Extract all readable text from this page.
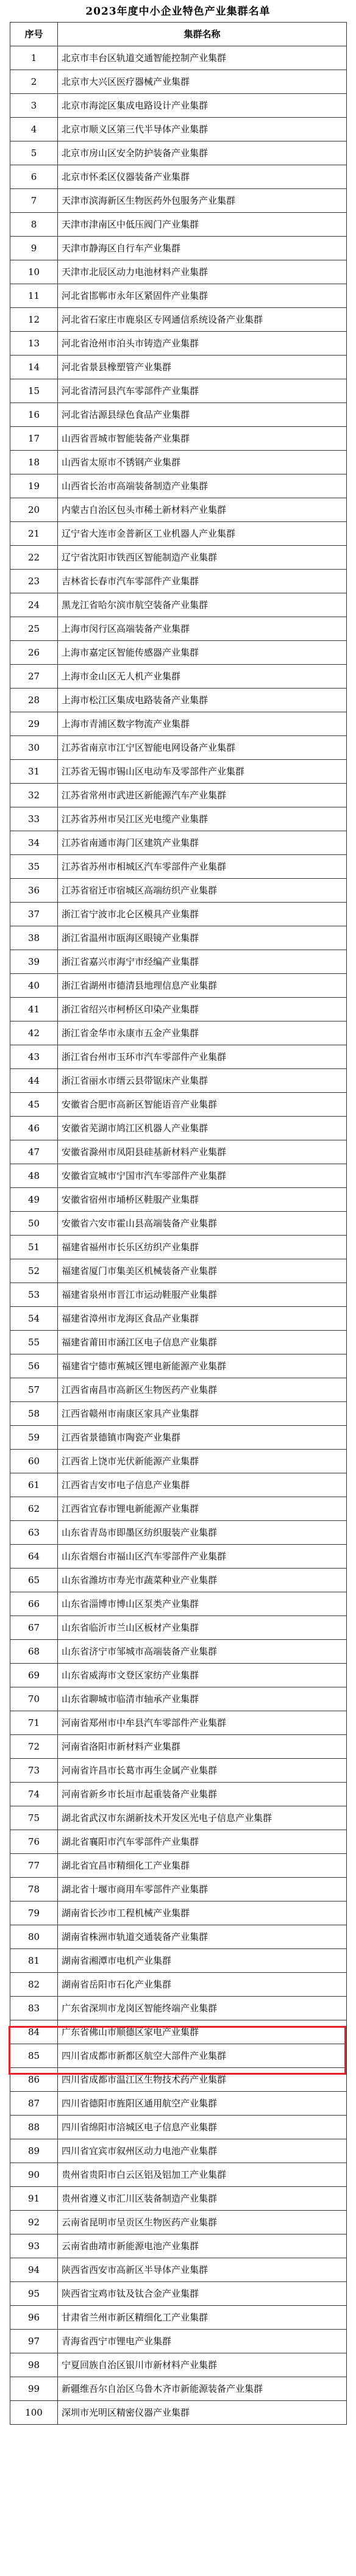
2023年度中小企业特色产业集群名单
序号	集群名称
1	北京市丰台区轨道交通智能控制产业集群
2	北京市大兴区医疗器械产业集群
3	北京市海淀区集成电路设计产业集群
4	北京市顺义区第三代半导体产业集群
5	北京市房山区安全防护装备产业集群
6	北京市怀柔区仪器装备产业集群
7	天津市滨海新区生物医药外包服务产业集群
8	天津市津南区中低压阀门产业集群
9	天津市静海区自行车产业集群
10	天津市北辰区动力电池材料产业集群
11	河北省邯郸市永年区紧固件产业集群
12	河北省石家庄市鹿泉区专网通信系统设备产业集群
13	河北省沧州市泊头市铸造产业集群
14	河北省景县橡塑管产业集群
15	河北省清河县汽车零部件产业集群
16	河北省沽源县绿色食品产业集群
17	山西省晋城市智能装备产业集群
18	山西省太原市不锈钢产业集群
19	山西省长治市高端装备制造产业集群
20	内蒙古自治区包头市稀土新材料产业集群
21	辽宁省大连市金普新区工业机器人产业集群
22	辽宁省沈阳市铁西区智能制造产业集群
23	吉林省长春市汽车零部件产业集群
24	黑龙江省哈尔滨市航空装备产业集群
25	上海市闵行区高端装备产业集群
26	上海市嘉定区智能传感器产业集群
27	上海市金山区无人机产业集群
28	上海市松江区集成电路装备产业集群
29	上海市青浦区数字物流产业集群
30	江苏省南京市江宁区智能电网设备产业集群
31	江苏省无锡市锡山区电动车及零部件产业集群
32	江苏省常州市武进区新能源汽车产业集群
33	江苏省苏州市吴江区光电缆产业集群
34	江苏省南通市海门区建筑产业集群
35	江苏省苏州市相城区汽车零部件产业集群
36	江苏省宿迁市宿城区高端纺织产业集群
37	浙江省宁波市北仑区模具产业集群
38	浙江省温州市瓯海区眼镜产业集群
39	浙江省嘉兴市海宁市经编产业集群
40	浙江省湖州市德清县地理信息产业集群
41	浙江省绍兴市柯桥区印染产业集群
42	浙江省金华市永康市五金产业集群
43	浙江省台州市玉环市汽车零部件产业集群
44	浙江省丽水市缙云县带锯床产业集群
45	安徽省合肥市高新区智能语音产业集群
46	安徽省芜湖市鸠江区机器人产业集群
47	安徽省滁州市凤阳县硅基新材料产业集群
48	安徽省宣城市宁国市汽车零部件产业集群
49	安徽省宿州市埇桥区鞋服产业集群
50	安徽省六安市霍山县高端装备产业集群
51	福建省福州市长乐区纺织产业集群
52	福建省厦门市集美区机械装备产业集群
53	福建省泉州市晋江市运动鞋服产业集群
54	福建省漳州市龙海区食品产业集群
55	福建省莆田市涵江区电子信息产业集群
56	福建省宁德市蕉城区锂电新能源产业集群
57	江西省南昌市高新区生物医药产业集群
58	江西省赣州市南康区家具产业集群
59	江西省景德镇市陶瓷产业集群
60	江西省上饶市光伏新能源产业集群
61	江西省吉安市电子信息产业集群
62	江西省宜春市锂电新能源产业集群
63	山东省青岛市即墨区纺织服装产业集群
64	山东省烟台市福山区汽车零部件产业集群
65	山东省潍坊市寿光市蔬菜种业产业集群
66	山东省淄博市博山区泵类产业集群
67	山东省临沂市兰山区板材产业集群
68	山东省济宁市邹城市高端装备产业集群
69	山东省威海市文登区家纺产业集群
70	山东省聊城市临清市轴承产业集群
71	河南省郑州市中牟县汽车零部件产业集群
72	河南省洛阳市新材料产业集群
73	河南省许昌市长葛市再生金属产业集群
74	河南省新乡市长垣市起重装备产业集群
75	湖北省武汉市东湖新技术开发区光电子信息产业集群
76	湖北省襄阳市汽车零部件产业集群
77	湖北省宜昌市精细化工产业集群
78	湖北省十堰市商用车零部件产业集群
79	湖南省长沙市工程机械产业集群
80	湖南省株洲市轨道交通装备产业集群
81	湖南省湘潭市电机产业集群
82	湖南省岳阳市石化产业集群
83	广东省深圳市龙岗区智能终端产业集群
84	广东省佛山市顺德区家电产业集群
85	四川省成都市新都区航空大部件产业集群
86	四川省成都市温江区生物技术药产业集群
87	四川省德阳市旌阳区通用航空产业集群
88	四川省绵阳市涪城区电子信息产业集群
89	四川省宜宾市叙州区动力电池产业集群
90	贵州省贵阳市白云区铝及铝加工产业集群
91	贵州省遵义市汇川区装备制造产业集群
92	云南省昆明市呈贡区生物医药产业集群
93	云南省曲靖市新能源电池产业集群
94	陕西省西安市高新区半导体产业集群
95	陕西省宝鸡市钛及钛合金产业集群
96	甘肃省兰州市新区精细化工产业集群
97	青海省西宁市锂电产业集群
98	宁夏回族自治区银川市新材料产业集群
99	新疆维吾尔自治区乌鲁木齐市新能源装备产业集群
100	深圳市光明区精密仪器产业集群
